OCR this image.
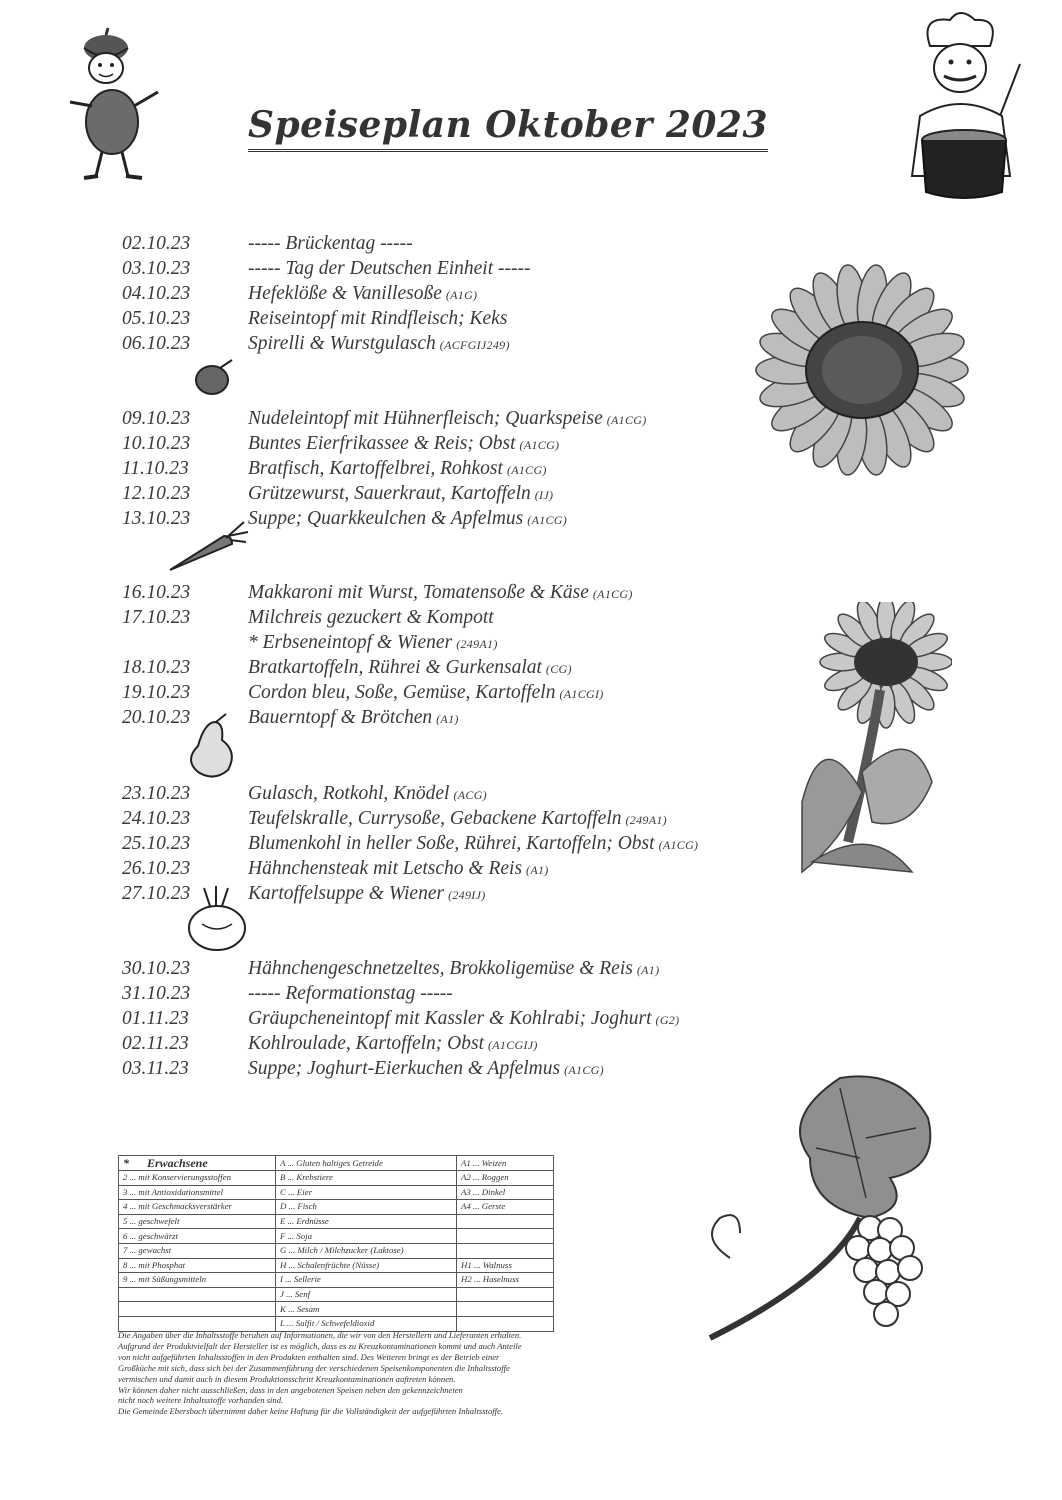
Speiseplan Oktober 2023
02.10.23	----- Brückentag -----
03.10.23	----- Tag der Deutschen Einheit -----
04.10.23	Hefeklöße & Vanillesoße (A1G)
05.10.23	Reiseintopf mit Rindfleisch; Keks
06.10.23	Spirelli & Wurstgulasch (ACFGIJ249)
09.10.23	Nudeleintopf mit Hühnerfleisch; Quarkspeise (A1CG)
10.10.23	Buntes Eierfrikassee & Reis; Obst (A1CG)
11.10.23	Bratfisch, Kartoffelbrei, Rohkost (A1CG)
12.10.23	Grützewurst, Sauerkraut, Kartoffeln (IJ)
13.10.23	Suppe; Quarkkeulchen & Apfelmus (A1CG)
16.10.23	Makkaroni mit Wurst, Tomatensoße & Käse (A1CG)
17.10.23	Milchreis gezuckert & Kompott
* Erbseneintopf & Wiener (249A1)
18.10.23	Bratkartoffeln, Rührei & Gurkensalat (CG)
19.10.23	Cordon bleu, Soße, Gemüse, Kartoffeln (A1CGI)
20.10.23	Bauerntopf & Brötchen (A1)
23.10.23	Gulasch, Rotkohl, Knödel (ACG)
24.10.23	Teufelskralle, Currysoße, Gebackene Kartoffeln (249A1)
25.10.23	Blumenkohl in heller Soße, Rührei, Kartoffeln; Obst (A1CG)
26.10.23	Hähnchensteak mit Letscho & Reis (A1)
27.10.23	Kartoffelsuppe & Wiener (249IJ)
30.10.23	Hähnchengeschnetzeltes, Brokkoligemüse & Reis (A1)
31.10.23	----- Reformationstag -----
01.11.23	Gräupcheneintopf mit Kassler & Kohlrabi; Joghurt (G2)
02.11.23	Kohlroulade, Kartoffeln; Obst (A1CGIJ)
03.11.23	Suppe; Joghurt-Eierkuchen & Apfelmus (A1CG)
* Erwachsene	A ... Gluten haltiges Getreide	A1 ... Weizen
2 ... mit Konservierungsstoffen	B ... Krebstiere	A2 ... Roggen
3 ... mit Antioxidationsmittel	C ... Eier	A3 ... Dinkel
4 ... mit Geschmacksverstärker	D ... Fisch	A4 ... Gerste
5 ... geschwefelt	E ... Erdnüsse	
6 ... geschwärzt	F ... Soja	
7 ... gewachst	G ... Milch / Milchzucker (Laktose)	
8 ... mit Phosphat	H ... Schalenfrüchte (Nüsse)	H1 ... Walnuss
9 ... mit Süßungsmitteln	I ... Sellerie	H2 ... Haselnuss
	J ... Senf	
	K ... Sesam	
	L ... Sulfit / Schwefeldioxid	
Die Angaben über die Inhaltsstoffe beruhen auf Informationen, die wir von den Herstellern und Lieferanten erhalten.
Aufgrund der Produktvielfalt der Hersteller ist es möglich, dass es zu Kreuzkontaminationen kommt und auch Anteile
von nicht aufgeführten Inhaltsstoffen in den Produkten enthalten sind. Des Weiteren bringt es der Betrieb einer
Großküche mit sich, dass sich bei der Zusammenführung der verschiedenen Speisenkomponenten die Inhaltsstoffe
vermischen und damit auch in diesem Produktionsschritt Kreuzkontaminationen auftreten können.
Wir können daher nicht ausschließen, dass in den angebotenen Speisen neben den gekennzeichneten
nicht noch weitere Inhaltsstoffe vorhanden sind.
Die Gemeinde Ebersbach übernimmt daher keine Haftung für die Vollständigkeit der aufgeführten Inhaltsstoffe.
